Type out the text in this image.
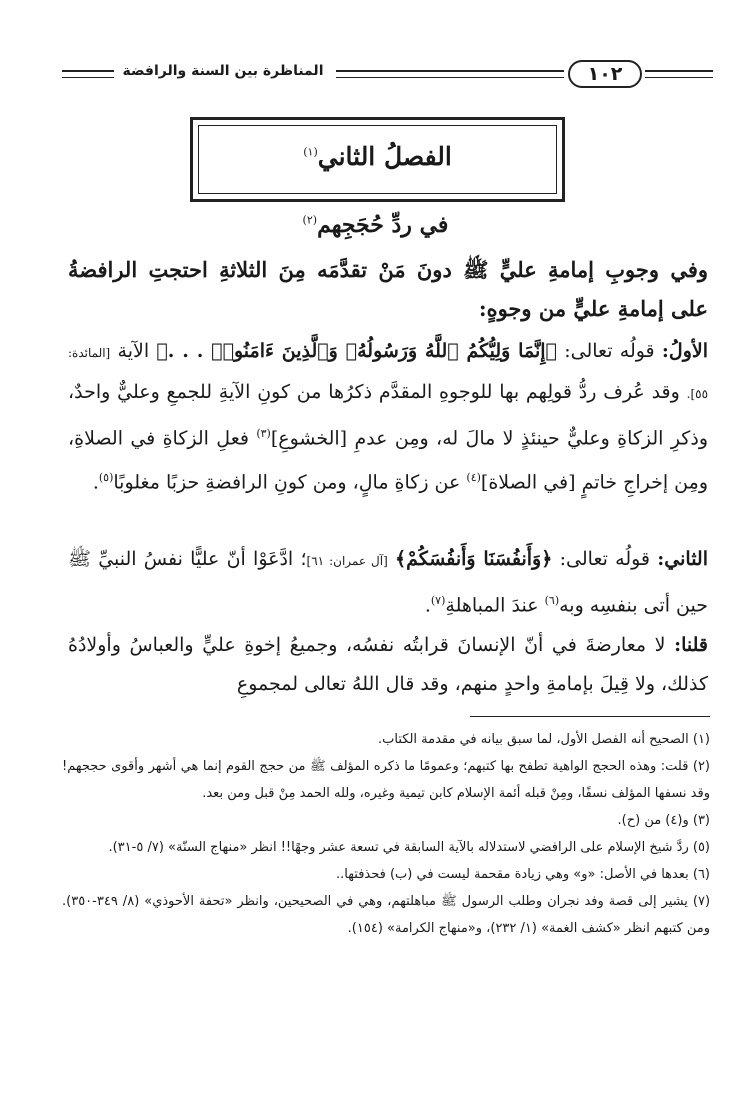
١٠٢
المناظرة بين السنة والرافضة
الفصلُ الثاني$^{(١)}$
في ردِّ حُجَجِهم$^{(٢)}$
وفي وجوبِ إمامةِ عليٍّ ﷺ دونَ مَنْ تقدَّمَه مِنَ الثلاثةِ احتجتِ الرافضةُ على إمامةِ عليٍّ من وجوهٍ:
الأولُ: قولُه تعالى: ﴿إِنَّمَا وَلِيُّكُمُ ٱللَّهُ وَرَسُولُهُۥ وَٱلَّذِينَ ءَامَنُوا۟ . . .﴾ الآية [المائدة: ٥٥]. وقد عُرف ردُّ قولِهم بها للوجوهِ المقدَّم ذكرُها من كونِ الآيةِ للجمعِ وعليٌّ واحدٌ، وذكرِ الزكاةِ وعليٌّ حينئذٍ لا مالَ له، ومِن عدمِ [الخشوعِ]$^{(٣)}$ فعلِ الزكاةِ في الصلاةِ، ومِن إخراجِ خاتمٍ [في الصلاة]$^{(٤)}$ عن زكاةِ مالٍ، ومن كونِ الرافضةِ حزبًا مغلوبًا$^{(٥)}$.
الثاني: قولُه تعالى: ﴿وَأَنفُسَنَا وَأَنفُسَكُمْ﴾ [آل عمران: ٦١]؛ ادَّعَوْا أنّ عليًّا نفسُ النبيِّ ﷺ حين أتى بنفسِه وبه$^{(٦)}$ عندَ المباهلةِ$^{(٧)}$.
قلنا: لا معارضةَ في أنّ الإنسانَ قرابتُه نفسُه، وجميعُ إخوةِ عليٍّ والعباسُ وأولادُهُ كذلك، ولا قِيلَ بإمامةِ واحدٍ منهم، وقد قال اللهُ تعالى لمجموعِ

(١) الصحيح أنه الفصل الأول، لما سبق بيانه في مقدمة الكتاب.

(٢) قلت: وهذه الحجج الواهية تطفح بها كتبهم؛ وعمومًا ما ذكره المؤلف ﷺ من حجج القوم إنما هي أشهر وأقوى حججهم! وقد نسفها المؤلف نسفًا، ومِنْ قبله أئمة الإسلام كابن تيمية وغيره، ولله الحمد مِنْ قبل ومن بعد.

(٣) و(٤) من (ح).

(٥) ردَّ شيخ الإسلام على الرافضي لاستدلاله بالآية السابقة في تسعة عشر وجهًا!! انظر «منهاج السنّة» (٧/ ٥-٣١).

(٦) بعدها في الأصل: «و» وهي زيادة مقحمة ليست في (ب) فحذفتها..

(٧) يشير إلى قصة وفد نجران وطلب الرسول ﷺ مباهلتهم، وهي في الصحيحين، وانظر «تحفة الأحوذي» (٨/ ٣٤٩-٣٥٠). ومن كتبهم انظر «كشف الغمة» (١/ ٢٣٢)، و«منهاج الكرامة» (١٥٤).
